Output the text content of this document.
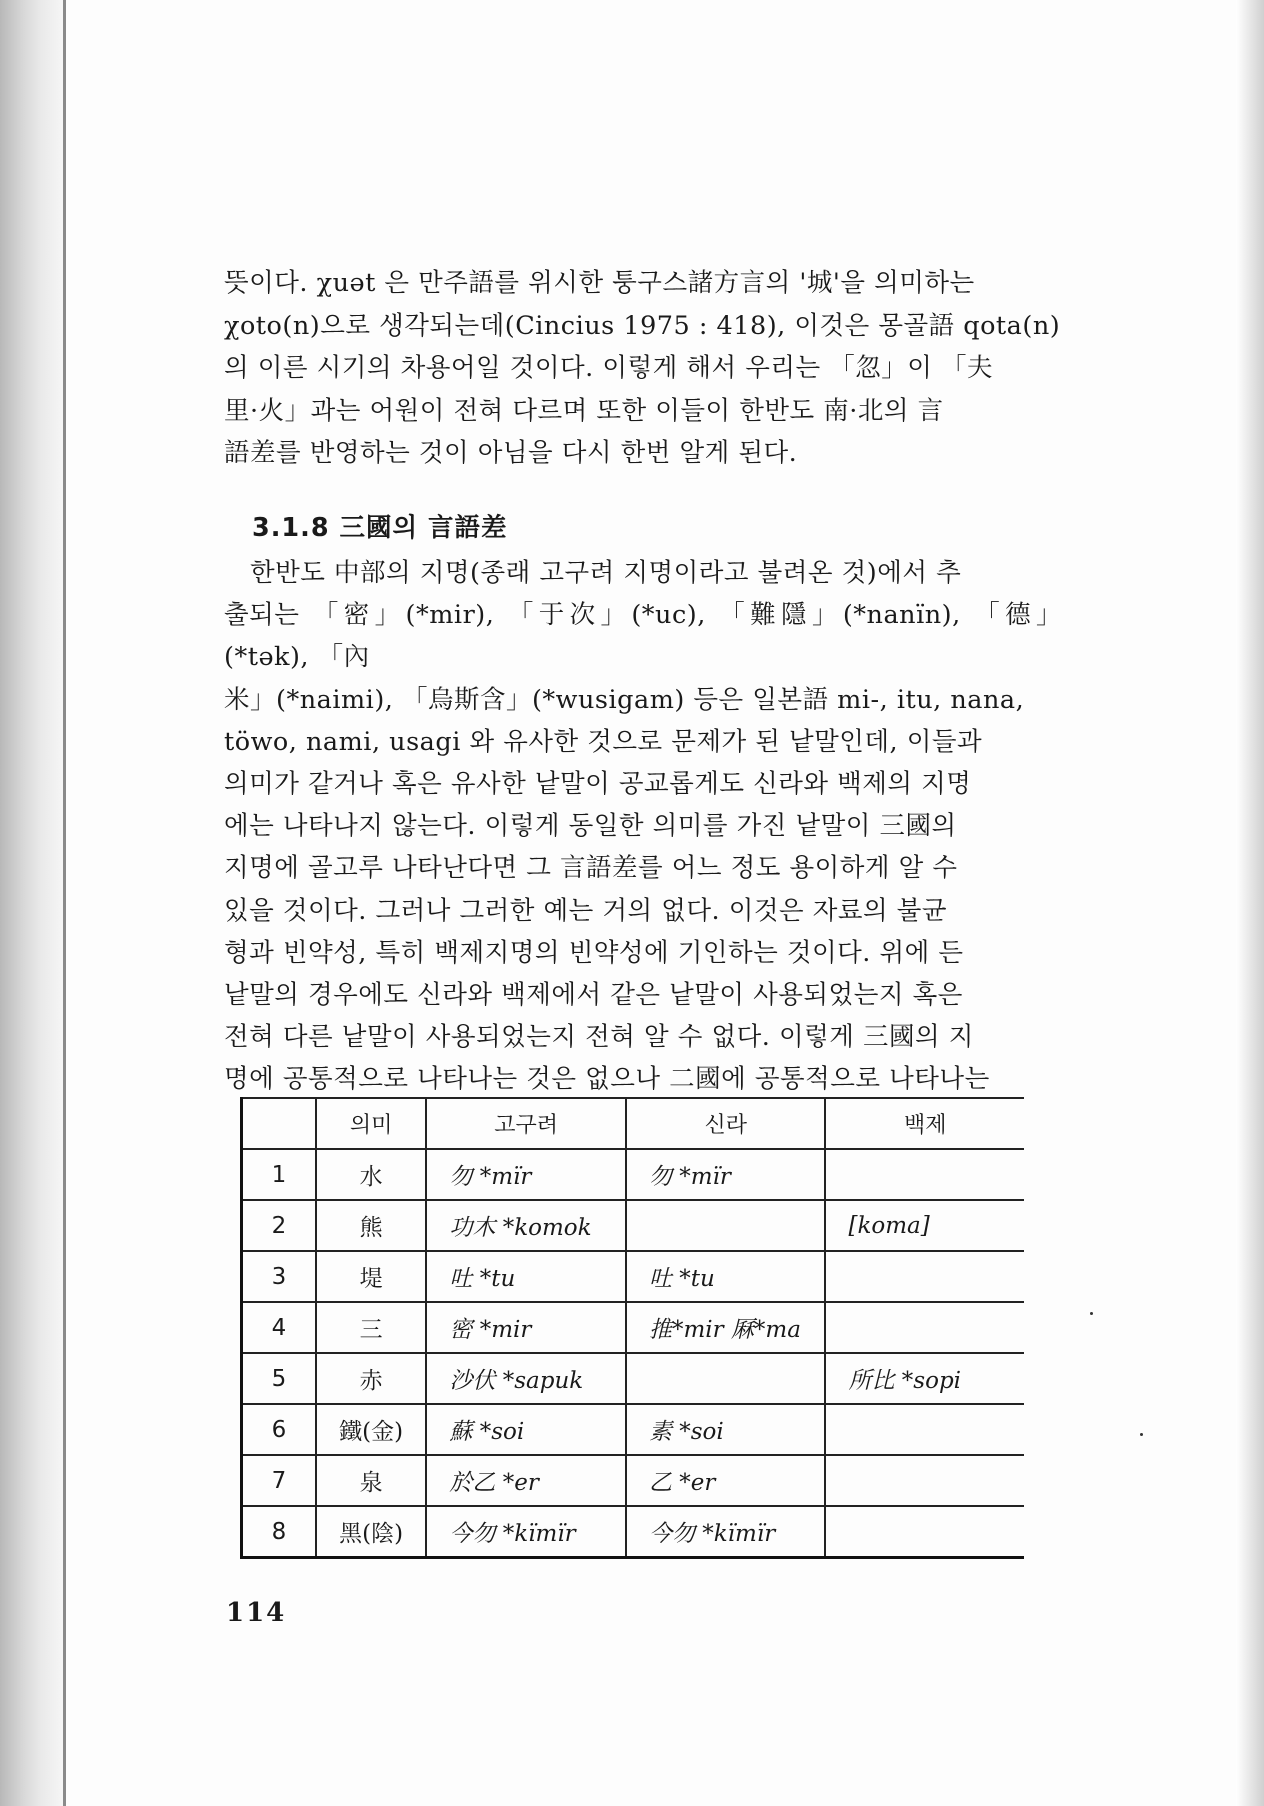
뜻이다. χuət 은 만주語를 위시한 퉁구스諸方言의 '城'을 의미하는

χoto(n)으로 생각되는데(Cincius 1975 : 418), 이것은 몽골語 qota(n)

의 이른 시기의 차용어일 것이다. 이렇게 해서 우리는 「忽」이 「夫

里·火」과는 어원이 전혀 다르며 또한 이들이 한반도 南·北의 言

語差를 반영하는 것이 아님을 다시 한번 알게 된다.

3.1.8 三國의 言語差

한반도 中部의 지명(종래 고구려 지명이라고 불려온 것)에서 추

출되는 「密」(*mir), 「于次」(*uc), 「難隱」(*nanïn), 「德」(*tək), 「內

米」(*naimi), 「烏斯含」(*wusigam) 등은 일본語 mi-, itu, nana,

töwo, nami, usagi 와 유사한 것으로 문제가 된 낱말인데, 이들과

의미가 같거나 혹은 유사한 낱말이 공교롭게도 신라와 백제의 지명

에는 나타나지 않는다. 이렇게 동일한 의미를 가진 낱말이 三國의

지명에 골고루 나타난다면 그 言語差를 어느 정도 용이하게 알 수

있을 것이다. 그러나 그러한 예는 거의 없다. 이것은 자료의 불균

형과 빈약성, 특히 백제지명의 빈약성에 기인하는 것이다. 위에 든

낱말의 경우에도 신라와 백제에서 같은 낱말이 사용되었는지 혹은

전혀 다른 낱말이 사용되었는지 전혀 알 수 없다. 이렇게 三國의 지

명에 공통적으로 나타나는 것은 없으나 二國에 공통적으로 나타나는

	의미	고구려	신라	백제
1	水	勿 *mïr	勿 *mïr	
2	熊	功木 *komok		[koma]
3	堤	吐 *tu	吐 *tu	
4	三	密 *mir	推*mir 厤*ma	
5	赤	沙伏 *sapuk		所比 *sopi
6	鐵(金)	蘇 *soi	素 *soi	
7	泉	於乙 *er	乙 *er	
8	黑(陰)	今勿 *kïmïr	今勿 *kïmïr	
114
